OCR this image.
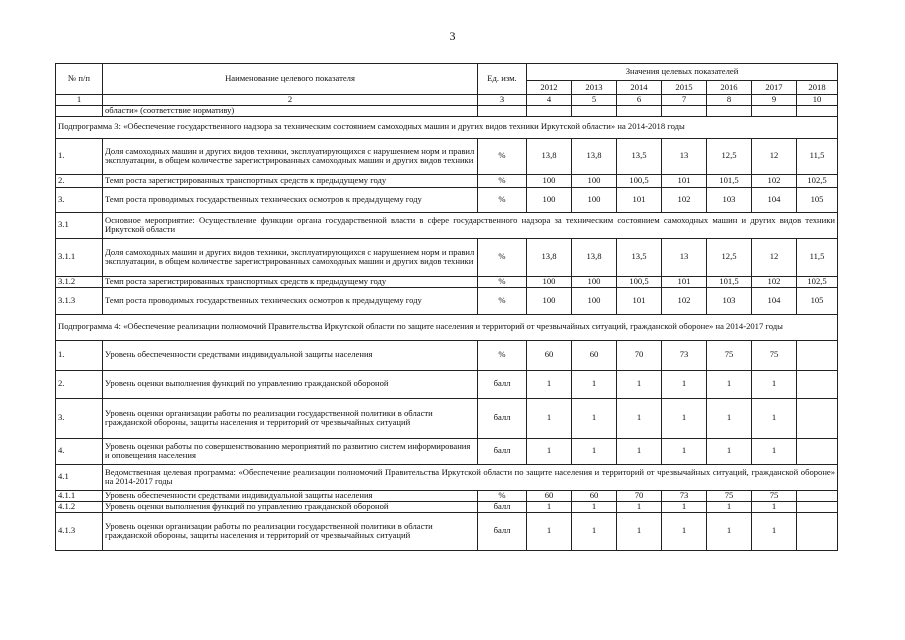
3
№ п/п	Наименование целевого показателя	Ед. изм.	Значения целевых показателей						
			2012	2013	2014	2015	2016	2017	2018
1	2	3	4	5	6	7	8	9	10
	области» (соответствие нормативу)								
Подпрограмма 3: «Обеспечение государственного надзора за техническим состоянием самоходных машин и других видов техники Иркутской области» на 2014-2018 годы									
1.	Доля самоходных машин и других видов техники, эксплуатирующихся с нарушением норм и правил эксплуатации, в общем количестве зарегистрированных самоходных машин и других видов техники	%	13,8	13,8	13,5	13	12,5	12	11,5
2.	Темп роста зарегистрированных транспортных средств к предыдущему году	%	100	100	100,5	101	101,5	102	102,5
3.	Темп роста проводимых государственных технических осмотров к предыдущему году	%	100	100	101	102	103	104	105
3.1	Основное мероприятие: Осуществление функции органа государственной власти в сфере государственного надзора за техническим состоянием самоходных машин и других видов техники Иркутской области								
3.1.1	Доля самоходных машин и других видов техники, эксплуатирующихся с нарушением норм и правил эксплуатации, в общем количестве зарегистрированных самоходных машин и других видов техники	%	13,8	13,8	13,5	13	12,5	12	11,5
3.1.2	Темп роста зарегистрированных транспортных средств к предыдущему году	%	100	100	100,5	101	101,5	102	102,5
3.1.3	Темп роста проводимых государственных технических осмотров к предыдущему году	%	100	100	101	102	103	104	105
Подпрограмма 4: «Обеспечение реализации полномочий Правительства Иркутской области по защите населения и территорий от чрезвычайных ситуаций, гражданской обороне» на 2014-2017 годы									
1.	Уровень обеспеченности средствами индивидуальной защиты населения	%	60	60	70	73	75	75	
2.	Уровень оценки выполнения функций по управлению гражданской обороной	балл	1	1	1	1	1	1	
3.	Уровень оценки организации работы по реализации государственной политики в области гражданской обороны, защиты населения и территорий от чрезвычайных ситуаций	балл	1	1	1	1	1	1	
4.	Уровень оценки работы по совершенствованию мероприятий по развитию систем информирования и оповещения населения	балл	1	1	1	1	1	1	
4.1	Ведомственная целевая программа: «Обеспечение реализации полномочий Правительства Иркутской области по защите населения и территорий от чрезвычайных ситуаций, гражданской обороне» на 2014-2017 годы								
4.1.1	Уровень обеспеченности средствами индивидуальной защиты населения	%	60	60	70	73	75	75	
4.1.2	Уровень оценки выполнения функций по управлению гражданской обороной	балл	1	1	1	1	1	1	
4.1.3	Уровень оценки организации работы по реализации государственной политики в области гражданской обороны, защиты населения и территорий от чрезвычайных ситуаций	балл	1	1	1	1	1	1	
